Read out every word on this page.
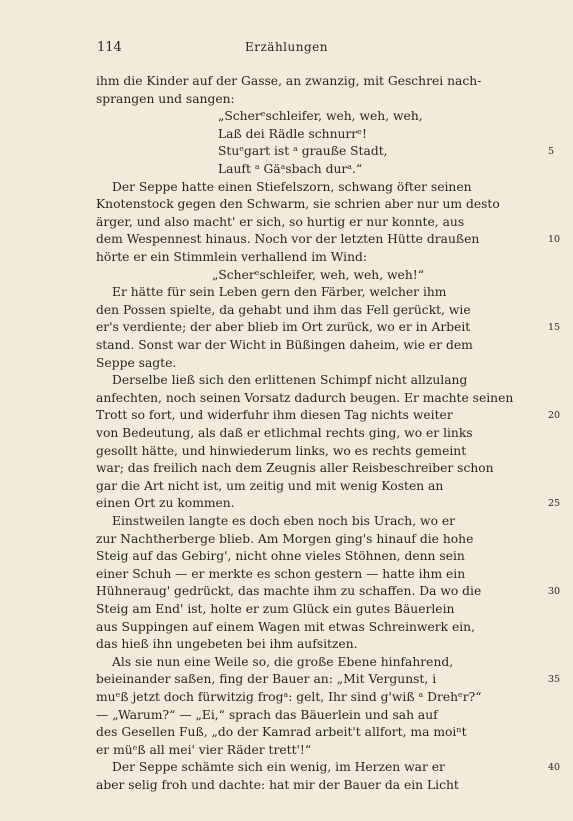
114	Erzählungen
ihm die Kinder auf der Gasse, an zwanzig, mit Geschrei nach-
sprangen und sangen:
„Scherᵉschleifer, weh, weh, weh,
Laß dei Rädle schnurrᵉ!
Stuᵉgart ist ᵃ grauße Stadt,	5
Lauft ᵃ Gäᵃsbach durᵃ.“
Der Seppe hatte einen Stiefelszorn, schwang öfter seinen
Knotenstock gegen den Schwarm, sie schrien aber nur um desto
ärger, und also macht' er sich, so hurtig er nur konnte, aus
dem Wespennest hinaus. Noch vor der letzten Hütte draußen	10
hörte er ein Stimmlein verhallend im Wind:
„Scherᵉschleifer, weh, weh, weh!“
Er hätte für sein Leben gern den Färber, welcher ihm
den Possen spielte, da gehabt und ihm das Fell gerückt, wie
er's verdiente; der aber blieb im Ort zurück, wo er in Arbeit	15
stand. Sonst war der Wicht in Büßingen daheim, wie er dem
Seppe sagte.
Derselbe ließ sich den erlittenen Schimpf nicht allzulang
anfechten, noch seinen Vorsatz dadurch beugen. Er machte seinen
Trott so fort, und widerfuhr ihm diesen Tag nichts weiter	20
von Bedeutung, als daß er etlichmal rechts ging, wo er links
gesollt hätte, und hinwiederum links, wo es rechts gemeint
war; das freilich nach dem Zeugnis aller Reisbeschreiber schon
gar die Art nicht ist, um zeitig und mit wenig Kosten an
einen Ort zu kommen.	25
Einstweilen langte es doch eben noch bis Urach, wo er
zur Nachtherberge blieb. Am Morgen ging's hinauf die hohe
Steig auf das Gebirg', nicht ohne vieles Stöhnen, denn sein
einer Schuh — er merkte es schon gestern — hatte ihm ein
Hühneraug' gedrückt, das machte ihm zu schaffen. Da wo die	30
Steig am End' ist, holte er zum Glück ein gutes Bäuerlein
aus Suppingen auf einem Wagen mit etwas Schreinwerk ein,
das hieß ihn ungebeten bei ihm aufsitzen.
Als sie nun eine Weile so, die große Ebene hinfahrend,
beieinander saßen, fing der Bauer an: „Mit Vergunst, i	35
muᵉß jetzt doch fürwitzig frogᵃ: gelt, Ihr sind g'wiß ᵃ Drehᵉr?“
— „Warum?“ — „Ei,“ sprach das Bäuerlein und sah auf
des Gesellen Fuß, „do der Kamrad arbeit't allfort, ma moiⁿt
er müᵉß all mei' vier Räder trett'!“
Der Seppe schämte sich ein wenig, im Herzen war er	40
aber selig froh und dachte: hat mir der Bauer da ein Licht
